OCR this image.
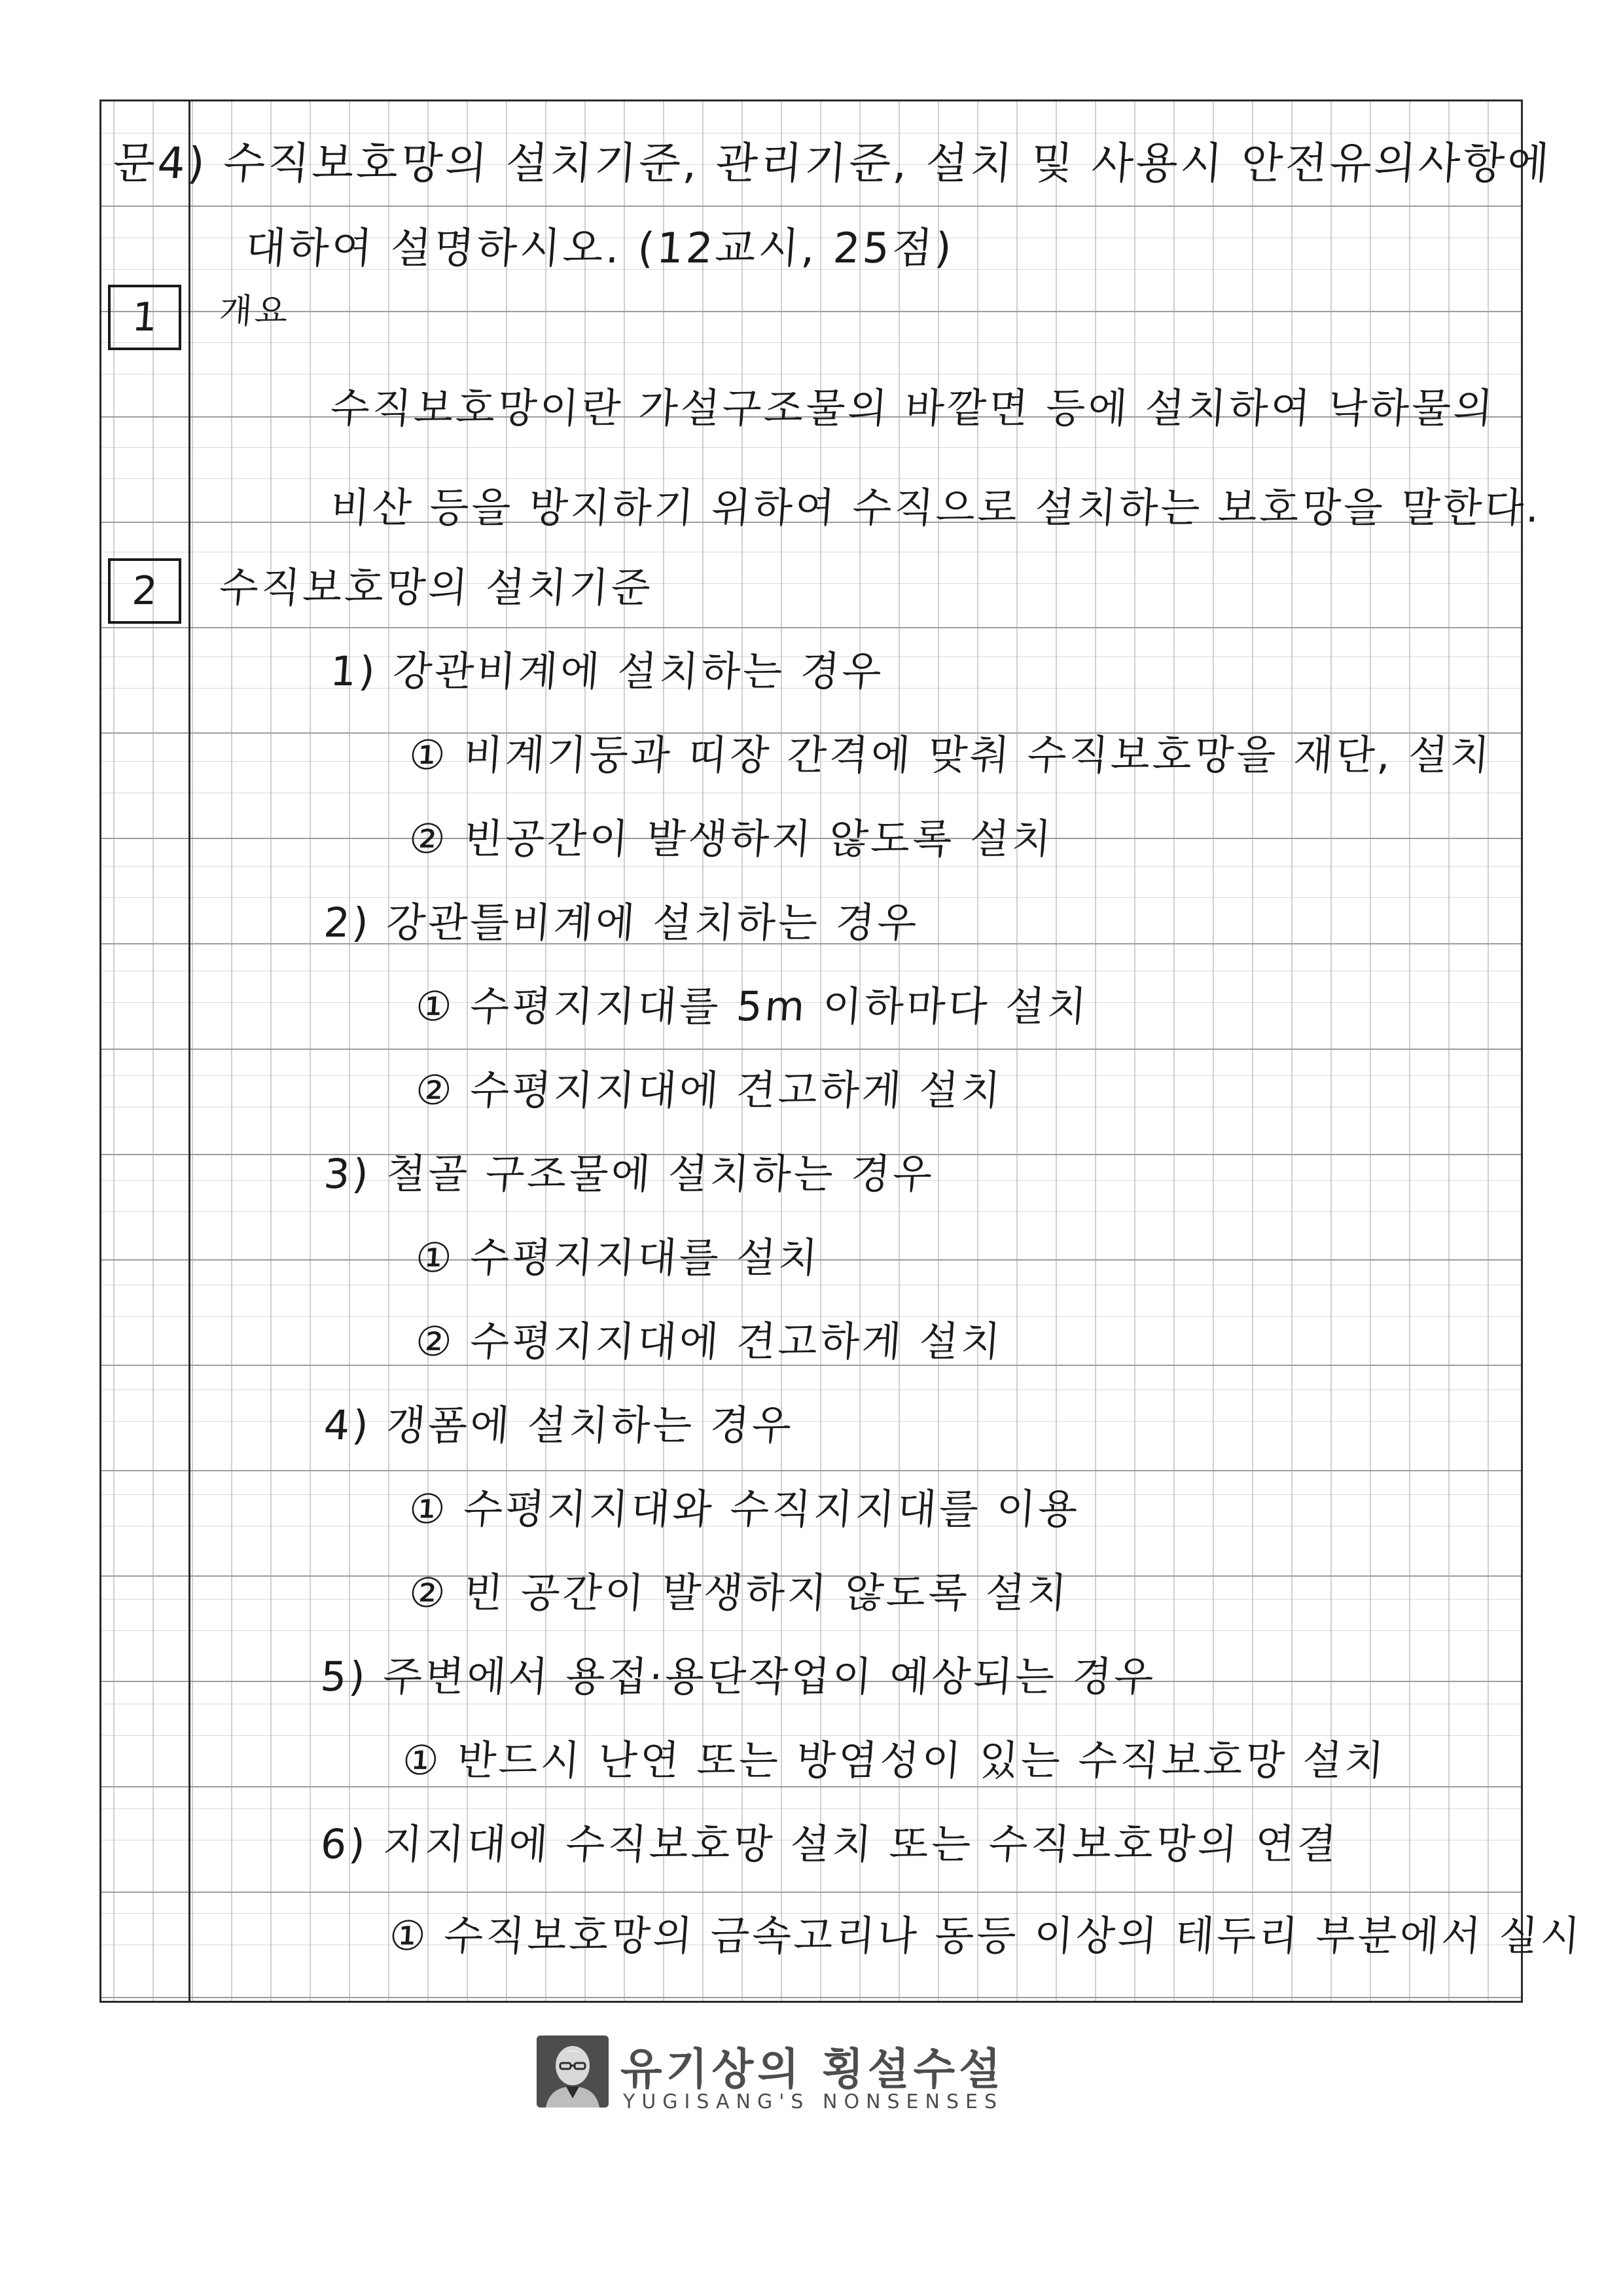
문4) 수직보호망의 설치기준, 관리기준, 설치 및 사용시 안전유의사항에
대하여 설명하시오. (12교시, 25점)
1 개요
수직보호망이란 가설구조물의 바깥면 등에 설치하여 낙하물의
비산 등을 방지하기 위하여 수직으로 설치하는 보호망을 말한다.
2 수직보호망의 설치기준
1) 강관비계에 설치하는 경우
① 비계기둥과 띠장 간격에 맞춰 수직보호망을 재단, 설치
② 빈공간이 발생하지 않도록 설치
2) 강관틀비계에 설치하는 경우
① 수평지지대를 5m 이하마다 설치
② 수평지지대에 견고하게 설치
3) 철골 구조물에 설치하는 경우
① 수평지지대를 설치
② 수평지지대에 견고하게 설치
4) 갱폼에 설치하는 경우
① 수평지지대와 수직지지대를 이용
② 빈 공간이 발생하지 않도록 설치
5) 주변에서 용접·용단작업이 예상되는 경우
① 반드시 난연 또는 방염성이 있는 수직보호망 설치
6) 지지대에 수직보호망 설치 또는 수직보호망의 연결
① 수직보호망의 금속고리나 동등 이상의 테두리 부분에서 실시
유기상의 횡설수설
YUGISANG'S NONSENSES
